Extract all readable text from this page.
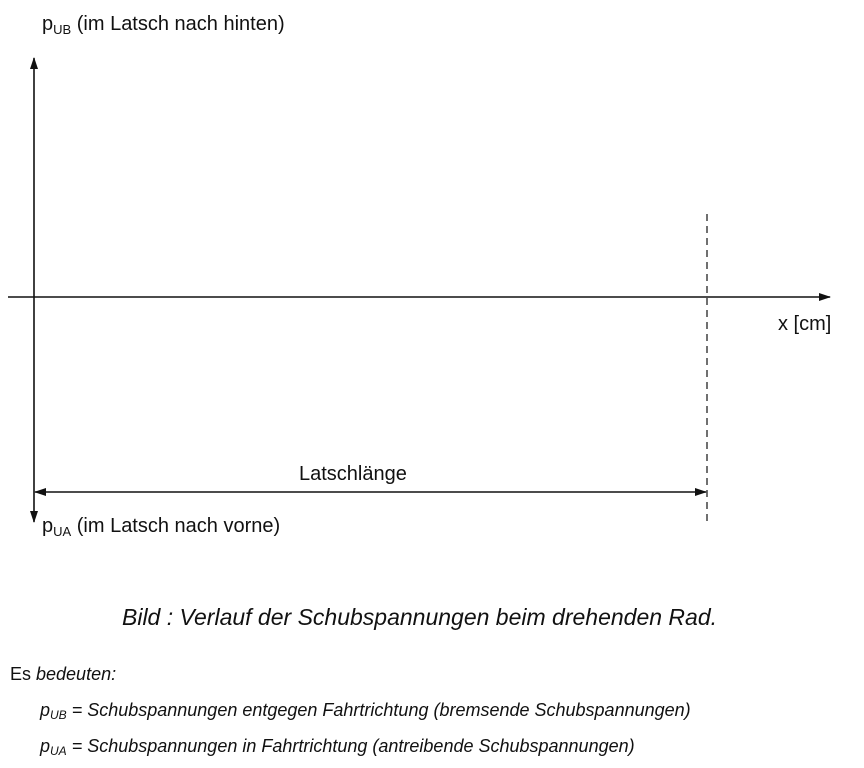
$p_{UB}$ (im Latsch nach hinten)
$p_{UA}$ (im Latsch nach vorne)
x [cm]
Latschlänge
Bild : Verlauf der Schubspannungen beim drehenden Rad.
Es bedeuten:
pUB = Schubspannungen entgegen Fahrtrichtung (bremsende Schubspannungen)
pUA = Schubspannungen in Fahrtrichtung (antreibende Schubspannungen)
